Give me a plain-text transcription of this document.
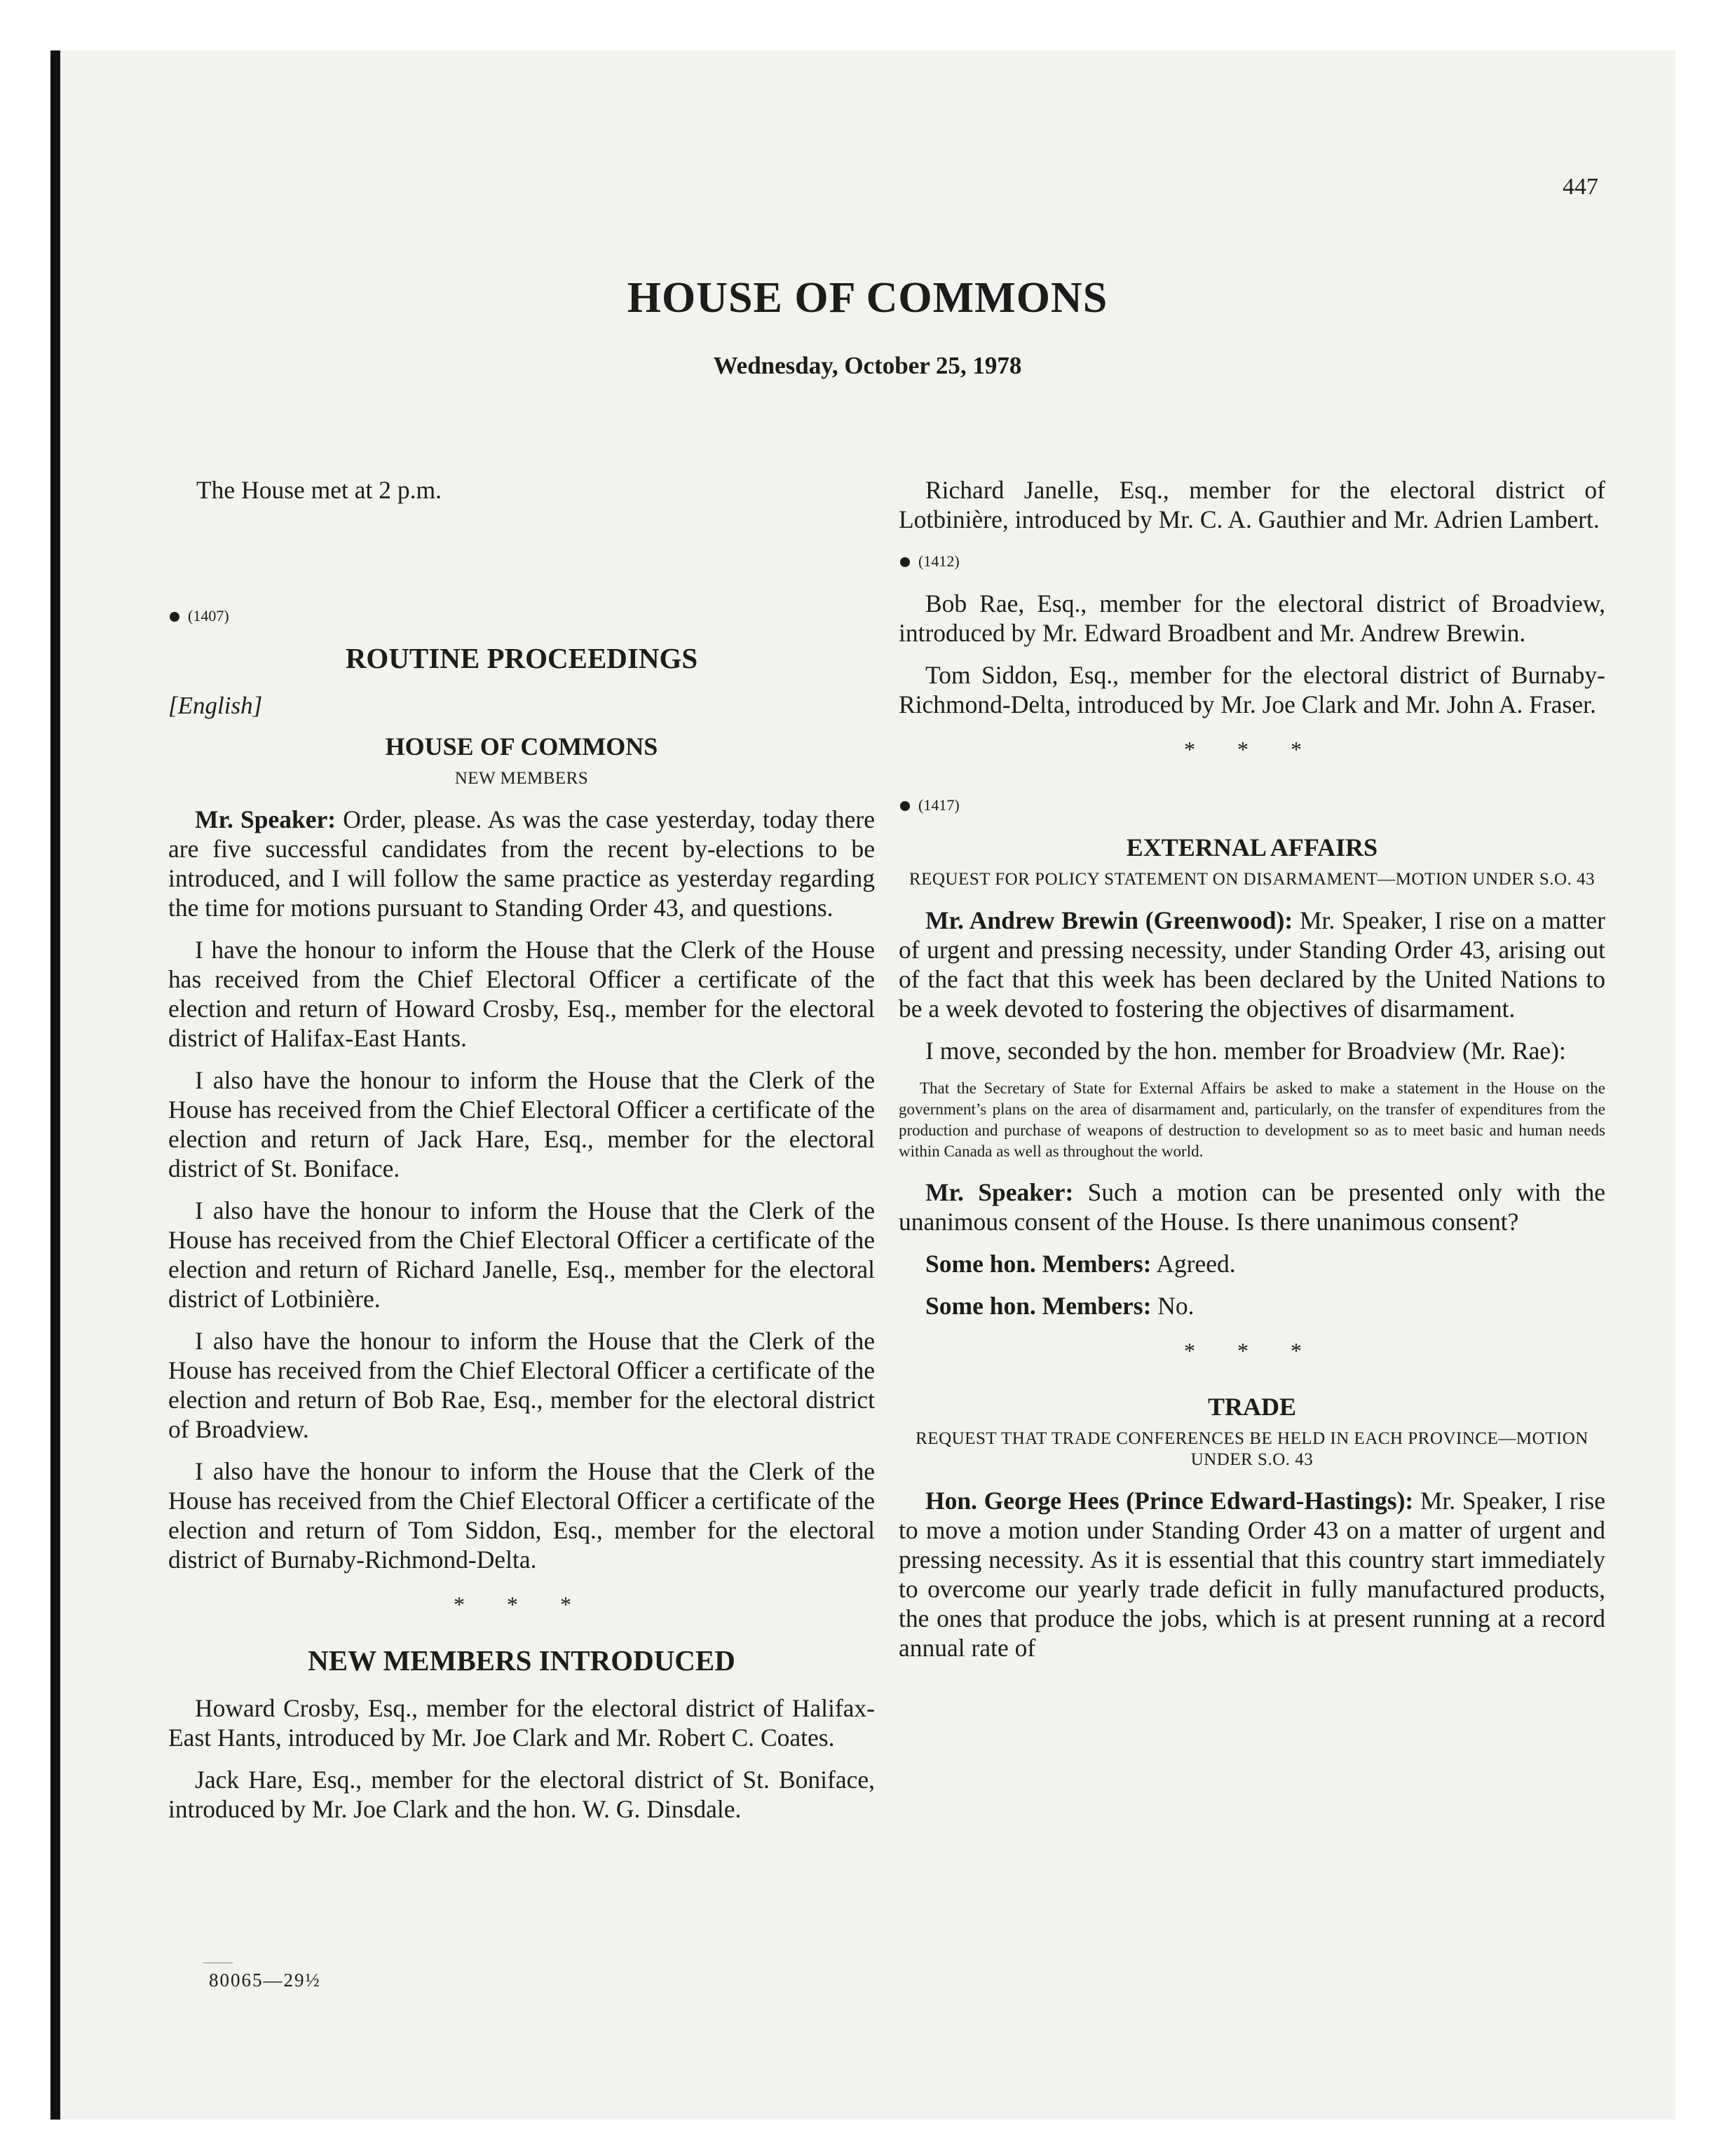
447
HOUSE OF COMMONS
Wednesday, October 25, 1978

The House met at 2 p.m.

(1407)
ROUTINE PROCEEDINGS
[English]
HOUSE OF COMMONS
NEW MEMBERS

Mr. Speaker: Order, please. As was the case yesterday, today there are five successful candidates from the recent by-elections to be introduced, and I will follow the same practice as yesterday regarding the time for motions pursuant to Standing Order 43, and questions.

I have the honour to inform the House that the Clerk of the House has received from the Chief Electoral Officer a certificate of the election and return of Howard Crosby, Esq., member for the electoral district of Halifax-East Hants.

I also have the honour to inform the House that the Clerk of the House has received from the Chief Electoral Officer a certificate of the election and return of Jack Hare, Esq., member for the electoral district of St. Boniface.

I also have the honour to inform the House that the Clerk of the House has received from the Chief Electoral Officer a certificate of the election and return of Richard Janelle, Esq., member for the electoral district of Lotbinière.

I also have the honour to inform the House that the Clerk of the House has received from the Chief Electoral Officer a certificate of the election and return of Bob Rae, Esq., member for the electoral district of Broadview.

I also have the honour to inform the House that the Clerk of the House has received from the Chief Electoral Officer a certificate of the election and return of Tom Siddon, Esq., member for the electoral district of Burnaby-Richmond-Delta.

* * *
NEW MEMBERS INTRODUCED

Howard Crosby, Esq., member for the electoral district of Halifax-East Hants, introduced by Mr. Joe Clark and Mr. Robert C. Coates.

Jack Hare, Esq., member for the electoral district of St. Boniface, introduced by Mr. Joe Clark and the hon. W. G. Dinsdale.

Richard Janelle, Esq., member for the electoral district of Lotbinière, introduced by Mr. C. A. Gauthier and Mr. Adrien Lambert.

(1412)

Bob Rae, Esq., member for the electoral district of Broadview, introduced by Mr. Edward Broadbent and Mr. Andrew Brewin.

Tom Siddon, Esq., member for the electoral district of Burnaby-Richmond-Delta, introduced by Mr. Joe Clark and Mr. John A. Fraser.

* * *
(1417)
EXTERNAL AFFAIRS
REQUEST FOR POLICY STATEMENT ON DISARMAMENT—MOTION UNDER S.O. 43

Mr. Andrew Brewin (Greenwood): Mr. Speaker, I rise on a matter of urgent and pressing necessity, under Standing Order 43, arising out of the fact that this week has been declared by the United Nations to be a week devoted to fostering the objectives of disarmament.

I move, seconded by the hon. member for Broadview (Mr. Rae):

That the Secretary of State for External Affairs be asked to make a statement in the House on the government’s plans on the area of disarmament and, particularly, on the transfer of expenditures from the production and purchase of weapons of destruction to development so as to meet basic and human needs within Canada as well as throughout the world.

Mr. Speaker: Such a motion can be presented only with the unanimous consent of the House. Is there unanimous consent?

Some hon. Members: Agreed.

Some hon. Members: No.

* * *
TRADE
REQUEST THAT TRADE CONFERENCES BE HELD IN EACH PROVINCE—MOTION UNDER S.O. 43

Hon. George Hees (Prince Edward-Hastings): Mr. Speaker, I rise to move a motion under Standing Order 43 on a matter of urgent and pressing necessity. As it is essential that this country start immediately to overcome our yearly trade deficit in fully manufactured products, the ones that produce the jobs, which is at present running at a record annual rate of

80065—29½
